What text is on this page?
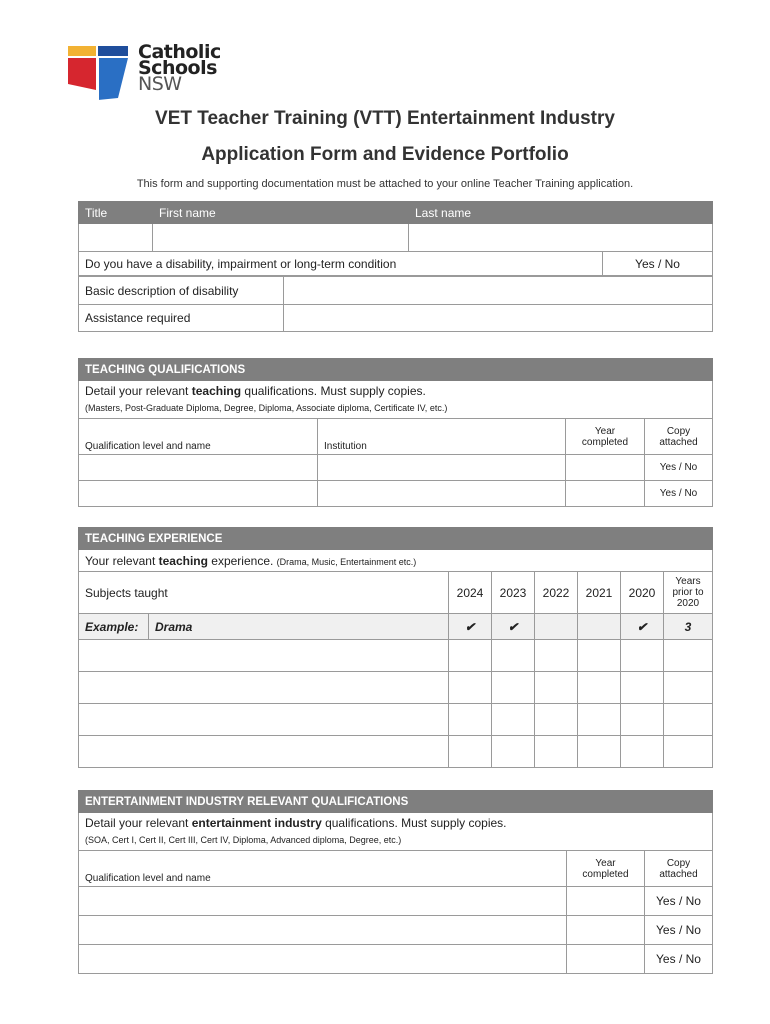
Catholic
Schools
NSW
VET Teacher Training (VTT) Entertainment Industry
Application Form and Evidence Portfolio
This form and supporting documentation must be attached to your online Teacher Training application.
Title	First name	Last name	

Do you have a disability, impairment or long-term condition			Yes / No
Basic description of disability	
Assistance required	
TEACHING QUALIFICATIONS			
Detail your relevant teaching qualifications. Must supply copies.
(Masters, Post-Graduate Diploma, Degree, Diploma, Associate diploma, Certificate IV, etc.)			
Qualification level and name	Institution	Year completed	Copy attached
			Yes / No
			Yes / No
TEACHING EXPERIENCE							
Your relevant teaching experience. (Drama, Music, Entertainment etc.)							
Subjects taught		2024	2023	2022	2021	2020	Years prior to 2020
Example:	Drama	✔	✔			✔	3

ENTERTAINMENT INDUSTRY RELEVANT QUALIFICATIONS		
Detail your relevant entertainment industry qualifications. Must supply copies.
(SOA, Cert I, Cert II, Cert III, Cert IV, Diploma, Advanced diploma, Degree, etc.)		
Qualification level and name	Year completed	Copy attached
		Yes / No
		Yes / No
		Yes / No
